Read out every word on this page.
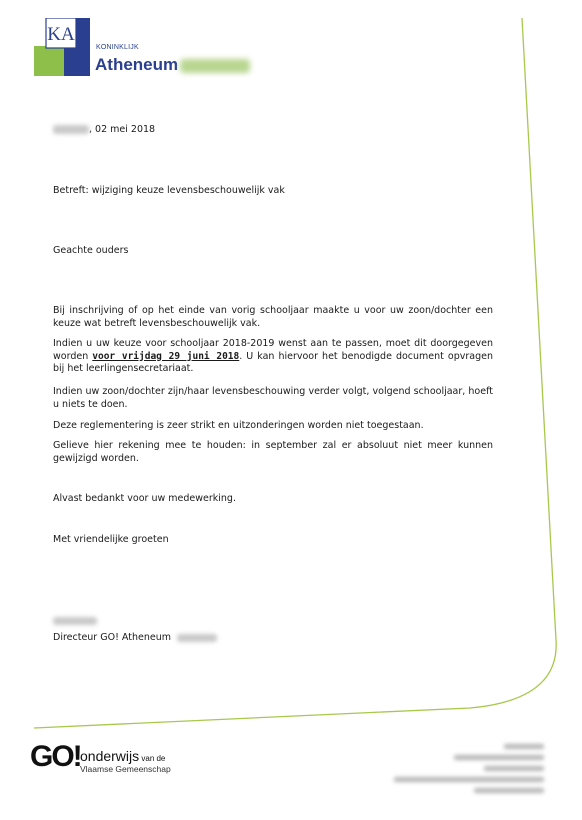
KA
KONINKLIJK
Atheneum
, 02 mei 2018
Betreft: wijziging keuze levensbeschouwelijk vak
Geachte ouders
Bij inschrijving of op het einde van vorig schooljaar maakte u voor uw zoon/dochter een keuze wat betreft levensbeschouwelijk vak.
Indien u uw keuze voor schooljaar 2018-2019 wenst aan te passen, moet dit doorgegeven worden voor vrijdag 29 juni 2018. U kan hiervoor het benodigde document opvragen bij het leerlingensecretariaat.
Indien uw zoon/dochter zijn/haar levensbeschouwing verder volgt, volgend schooljaar, hoeft u niets te doen.
Deze reglementering is zeer strikt en uitzonderingen worden niet toegestaan.
Gelieve hier rekening mee te houden: in september zal er absoluut niet meer kunnen gewijzigd worden.
Alvast bedankt voor uw medewerking.
Met vriendelijke groeten
Directeur GO! Atheneum
GO! onderwijs van de
Vlaamse Gemeenschap
